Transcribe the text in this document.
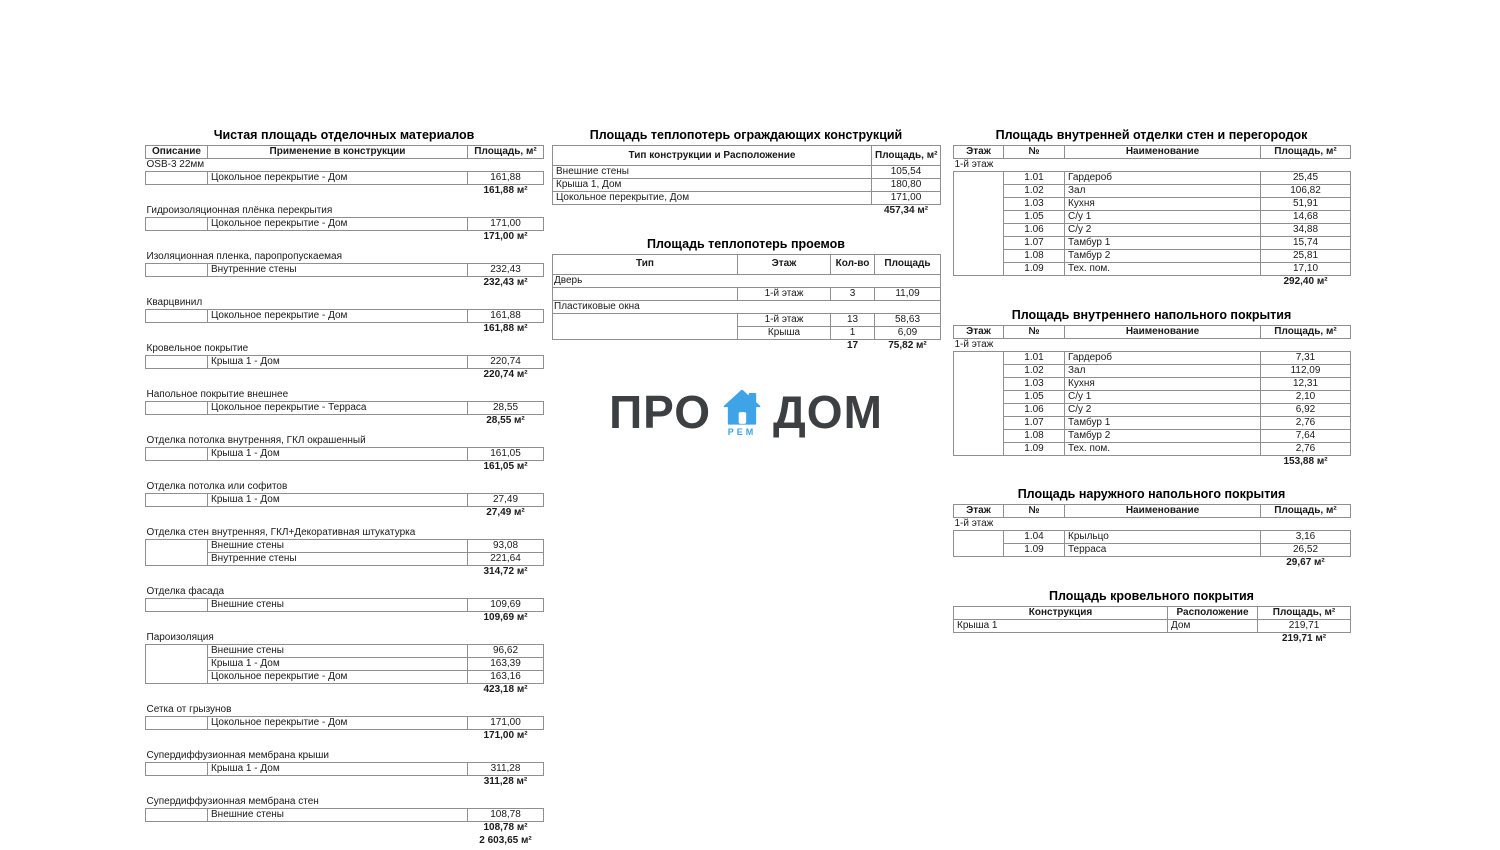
Чистая площадь отделочных материалов
Описание	Применение в конструкции	Площадь, м²
OSB-3 22мм		
	Цокольное перекрытие - Дом	161,88
		161,88 м²

Гидроизоляционная плёнка перекрытия		
	Цокольное перекрытие - Дом	171,00
		171,00 м²

Изоляционная пленка, паропропускаемая		
	Внутренние стены	232,43
		232,43 м²

Кварцвинил		
	Цокольное перекрытие - Дом	161,88
		161,88 м²

Кровельное покрытие		
	Крыша 1 - Дом	220,74
		220,74 м²

Напольное покрытие внешнее		
	Цокольное перекрытие - Терраса	28,55
		28,55 м²

Отделка потолка внутренняя, ГКЛ окрашенный		
	Крыша 1 - Дом	161,05
		161,05 м²

Отделка потолка или софитов		
	Крыша 1 - Дом	27,49
		27,49 м²

Отделка стен внутренняя, ГКЛ+Декоративная штукатурка		
	Внешние стены	93,08
	Внутренние стены	221,64
		314,72 м²

Отделка фасада		
	Внешние стены	109,69
		109,69 м²

Пароизоляция		
	Внешние стены	96,62
	Крыша 1 - Дом	163,39
	Цокольное перекрытие - Дом	163,16
		423,18 м²

Сетка от грызунов		
	Цокольное перекрытие - Дом	171,00
		171,00 м²

Супердиффузионная мембрана крыши		
	Крыша 1 - Дом	311,28
		311,28 м²

Супердиффузионная мембрана стен		
	Внешние стены	108,78
		108,78 м²
		2 603,65 м²
Площадь теплопотерь ограждающих конструкций
Тип конструкции и Расположение	Площадь, м²
Внешние стены	105,54
Крыша 1, Дом	180,80
Цокольное перекрытие, Дом	171,00
	457,34 м²
Площадь теплопотерь проемов
Тип	Этаж	Кол-во	Площадь
Дверь			
	1-й этаж	3	11,09
Пластиковые окна			
	1-й этаж	13	58,63
	Крыша	1	6,09
		17	75,82 м²
ПРО РЕМ ДОМ
Площадь внутренней отделки стен и перегородок
Этаж	№	Наименование	Площадь, м²
1-й этаж			
	1.01	Гардероб	25,45
	1.02	Зал	106,82
	1.03	Кухня	51,91
	1.05	С/у 1	14,68
	1.06	С/у 2	34,88
	1.07	Тамбур 1	15,74
	1.08	Тамбур 2	25,81
	1.09	Тех. пом.	17,10
			292,40 м²
Площадь внутреннего напольного покрытия
Этаж	№	Наименование	Площадь, м²
1-й этаж			
	1.01	Гардероб	7,31
	1.02	Зал	112,09
	1.03	Кухня	12,31
	1.05	С/у 1	2,10
	1.06	С/у 2	6,92
	1.07	Тамбур 1	2,76
	1.08	Тамбур 2	7,64
	1.09	Тех. пом.	2,76
			153,88 м²
Площадь наружного напольного покрытия
Этаж	№	Наименование	Площадь, м²
1-й этаж			
	1.04	Крыльцо	3,16
	1.09	Терраса	26,52
			29,67 м²
Площадь кровельного покрытия
Конструкция	Расположение	Площадь, м²
Крыша 1	Дом	219,71
		219,71 м²
